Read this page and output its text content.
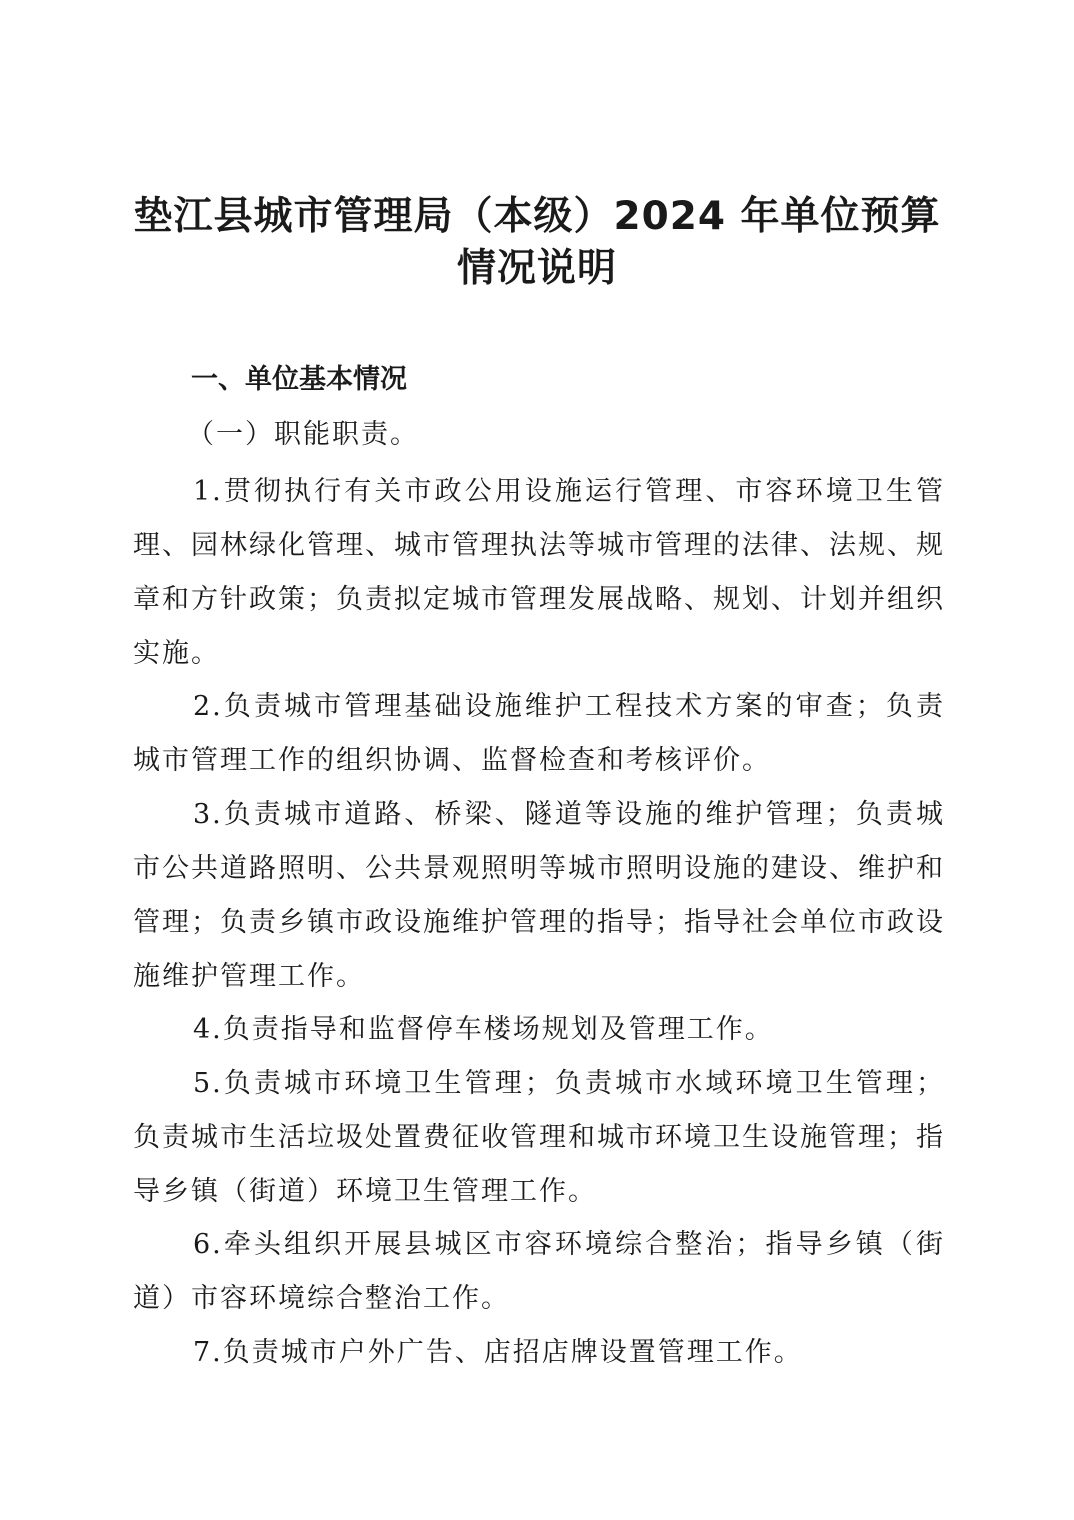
垫江县城市管理局（本级）2024 年单位预算
情况说明
一、单位基本情况
（一）职能职责。

1.贯彻执行有关市政公用设施运行管理、市容环境卫生管理、园林绿化管理、城市管理执法等城市管理的法律、法规、规章和方针政策；负责拟定城市管理发展战略、规划、计划并组织实施。

2.负责城市管理基础设施维护工程技术方案的审查；负责城市管理工作的组织协调、监督检查和考核评价。

3.负责城市道路、桥梁、隧道等设施的维护管理；负责城市公共道路照明、公共景观照明等城市照明设施的建设、维护和管理；负责乡镇市政设施维护管理的指导；指导社会单位市政设施维护管理工作。

4.负责指导和监督停车楼场规划及管理工作。

5.负责城市环境卫生管理；负责城市水域环境卫生管理；负责城市生活垃圾处置费征收管理和城市环境卫生设施管理；指导乡镇（街道）环境卫生管理工作。

6.牵头组织开展县城区市容环境综合整治；指导乡镇（街道）市容环境综合整治工作。

7.负责城市户外广告、店招店牌设置管理工作。
